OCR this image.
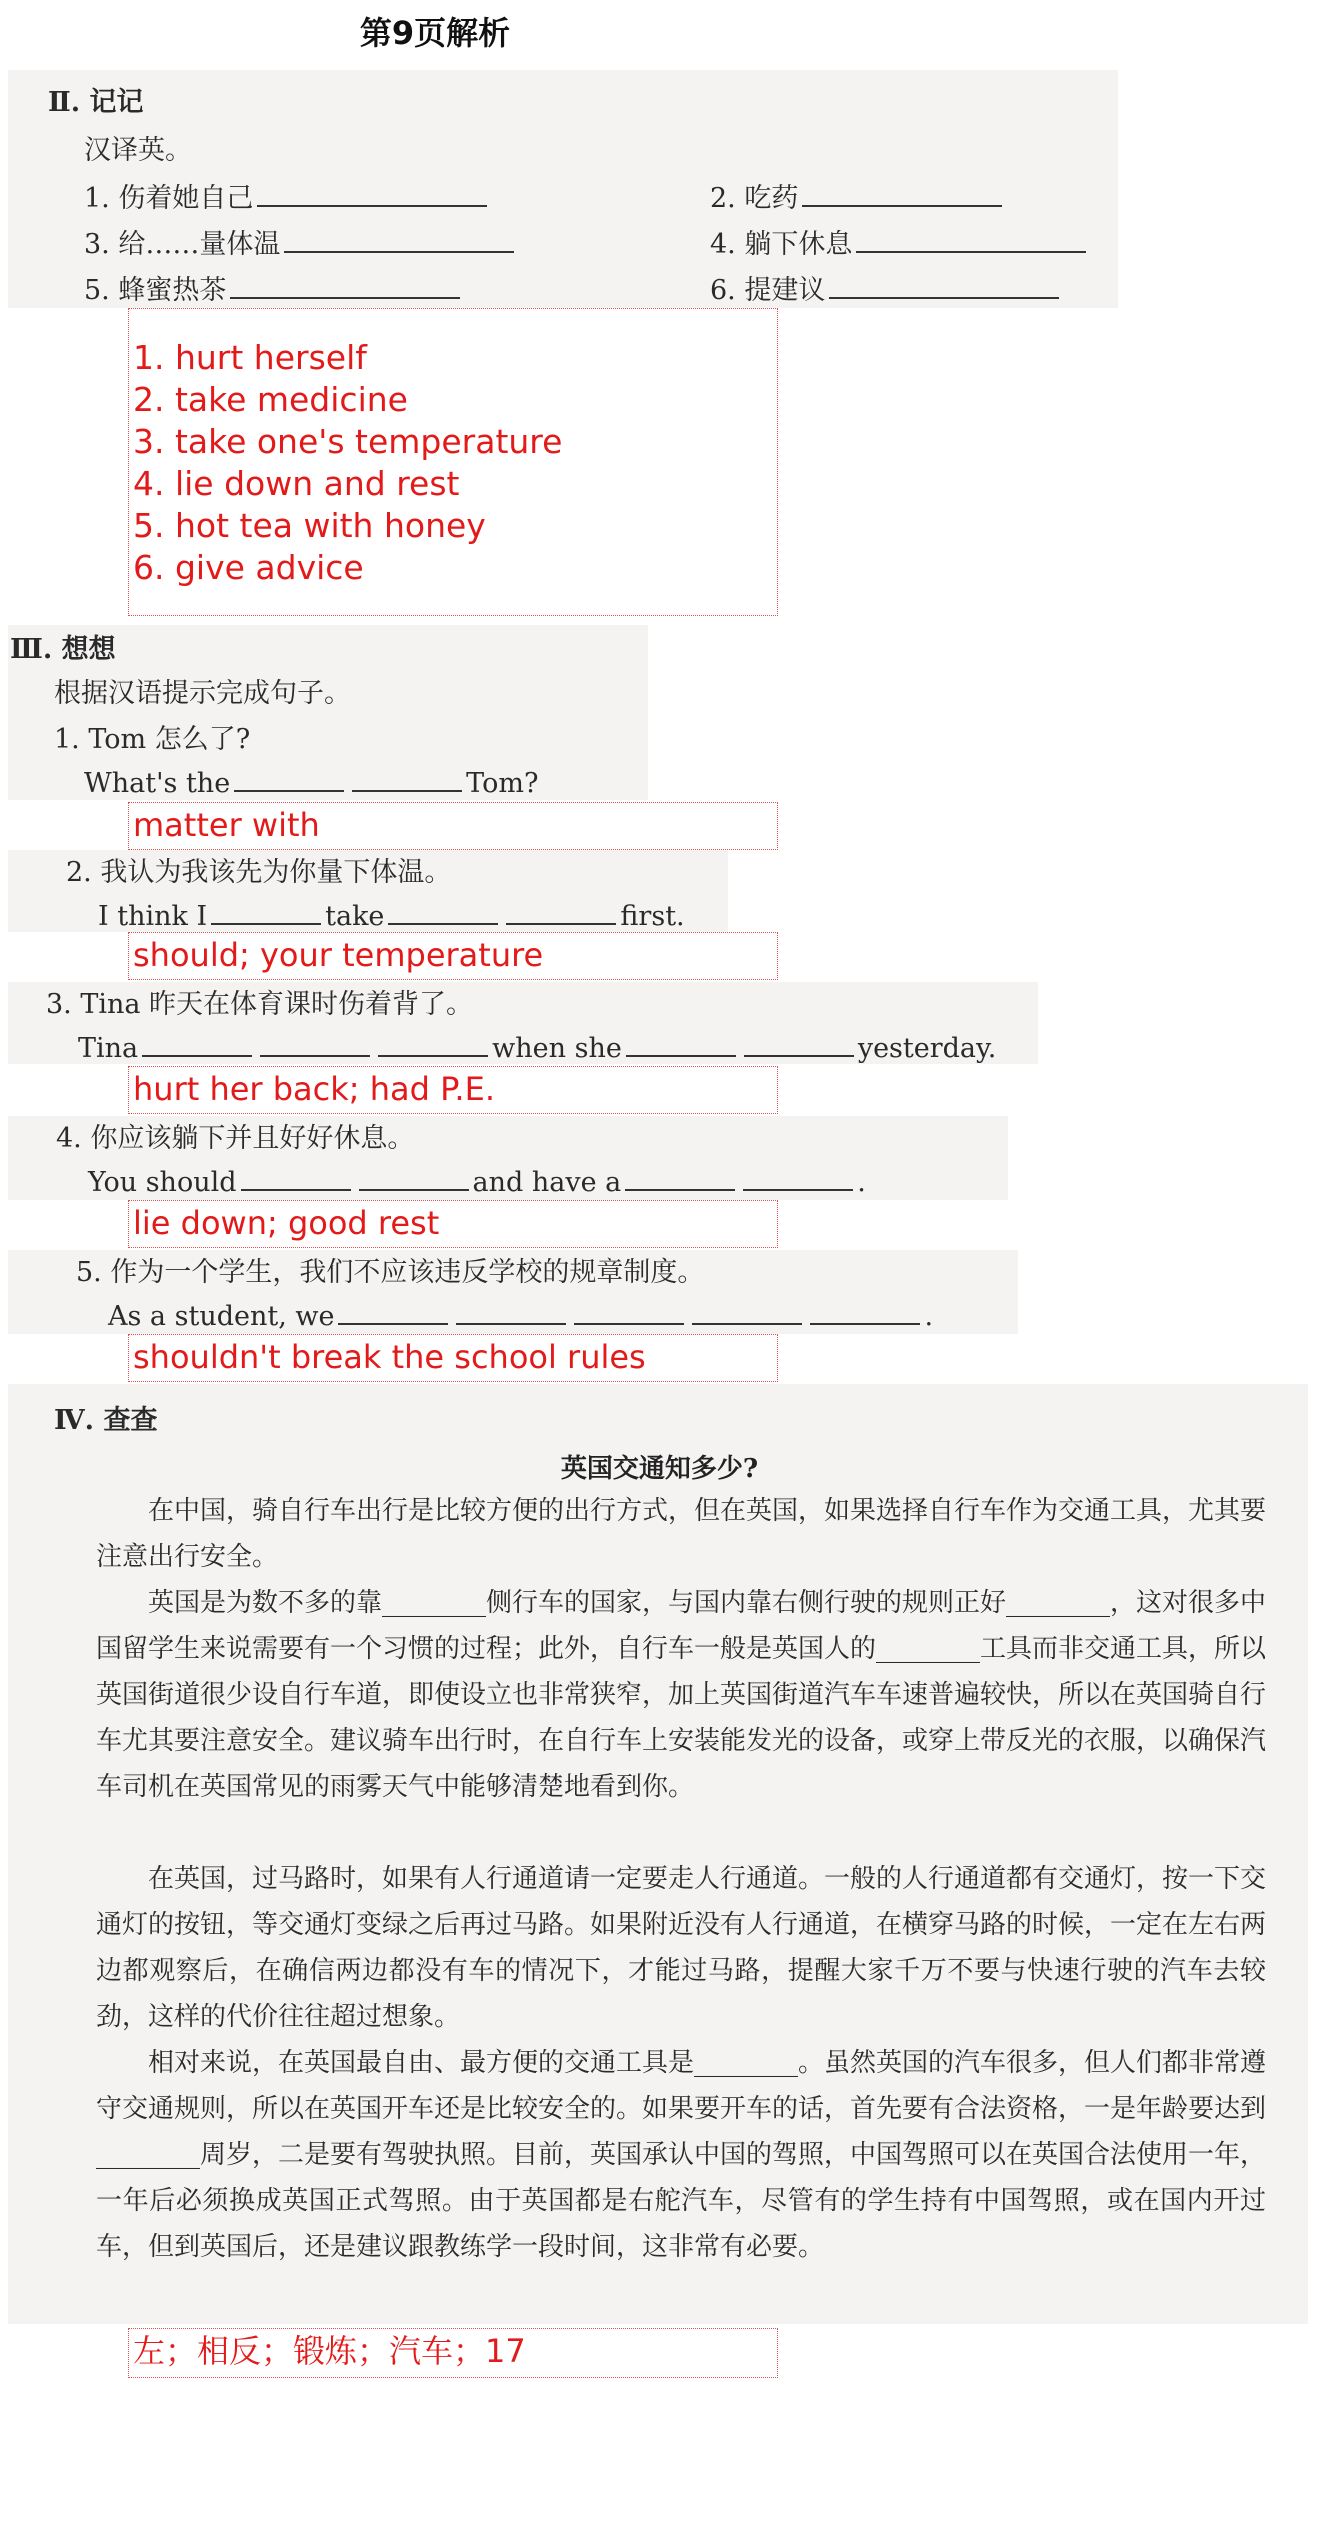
第9页解析
Ⅱ. 记记
汉译英。
1. 伤着她自己	2. 吃药
3. 给……量体温	4. 躺下休息
5. 蜂蜜热茶	6. 提建议
1. hurt herself
2. take medicine
3. take one's temperature
4. lie down and rest
5. hot tea with honey
6. give advice
Ⅲ. 想想
根据汉语提示完成句子。
1. Tom 怎么了?
What's the	Tom?
matter with
2. 我认为我该先为你量下体温。
I think I	take	first.
should; your temperature
3. Tina 昨天在体育课时伤着背了。
Tina	when she	yesterday.
hurt her back; had P.E.
4. 你应该躺下并且好好休息。
You should	and have a	.
lie down; good rest
5. 作为一个学生，我们不应该违反学校的规章制度。
As a student, we	.
shouldn't break the school rules
Ⅳ. 查查
英国交通知多少?
在中国，骑自行车出行是比较方便的出行方式，但在英国，如果选择自行车作为交通工具，尤其要注意出行安全。
英国是为数不多的靠________侧行车的国家，与国内靠右侧行驶的规则正好________，这对很多中国留学生来说需要有一个习惯的过程；此外，自行车一般是英国人的________工具而非交通工具，所以英国街道很少设自行车道，即使设立也非常狭窄，加上英国街道汽车车速普遍较快，所以在英国骑自行车尤其要注意安全。建议骑车出行时，在自行车上安装能发光的设备，或穿上带反光的衣服，以确保汽车司机在英国常见的雨雾天气中能够清楚地看到你。
在英国，过马路时，如果有人行通道请一定要走人行通道。一般的人行通道都有交通灯，按一下交通灯的按钮，等交通灯变绿之后再过马路。如果附近没有人行通道，在横穿马路的时候，一定在左右两边都观察后，在确信两边都没有车的情况下，才能过马路，提醒大家千万不要与快速行驶的汽车去较劲，这样的代价往往超过想象。
相对来说，在英国最自由、最方便的交通工具是________。虽然英国的汽车很多，但人们都非常遵守交通规则，所以在英国开车还是比较安全的。如果要开车的话，首先要有合法资格，一是年龄要达到________周岁，二是要有驾驶执照。目前，英国承认中国的驾照，中国驾照可以在英国合法使用一年，一年后必须换成英国正式驾照。由于英国都是右舵汽车，尽管有的学生持有中国驾照，或在国内开过车，但到英国后，还是建议跟教练学一段时间，这非常有必要。
左；相反；锻炼；汽车；17
